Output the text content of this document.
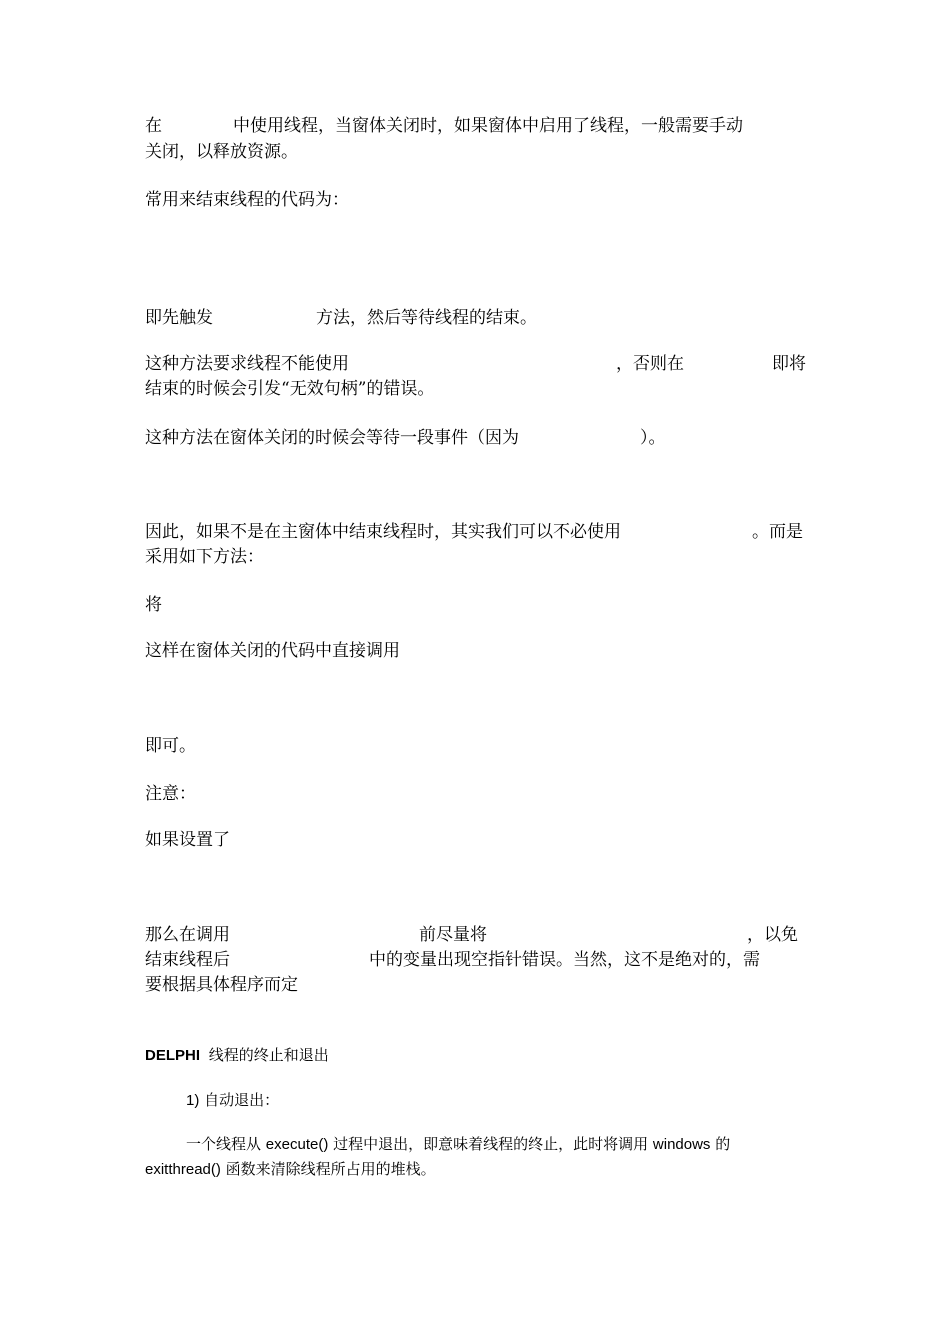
在	中使用线程，当窗体关闭时，如果窗体中启用了线程，一般需要手动
关闭，以释放资源。
常用来结束线程的代码为：
即先触发	方法，然后等待线程的结束。
这种方法要求线程不能使用	，否则在	即将
结束的时候会引发“无效句柄”的错误。
这种方法在窗体关闭的时候会等待一段事件（因为	）。
因此，如果不是在主窗体中结束线程时，其实我们可以不必使用	。而是
采用如下方法：
将
这样在窗体关闭的代码中直接调用
即可。
注意：
如果设置了
那么在调用	前尽量将	，以免
结束线程后	中的变量出现空指针错误。当然，这不是绝对的，需
要根据具体程序而定
DELPHI 线程的终止和退出
1) 自动退出：
一个线程从 execute() 过程中退出，即意味着线程的终止，此时将调用 windows 的
exitthread() 函数来清除线程所占用的堆栈。
